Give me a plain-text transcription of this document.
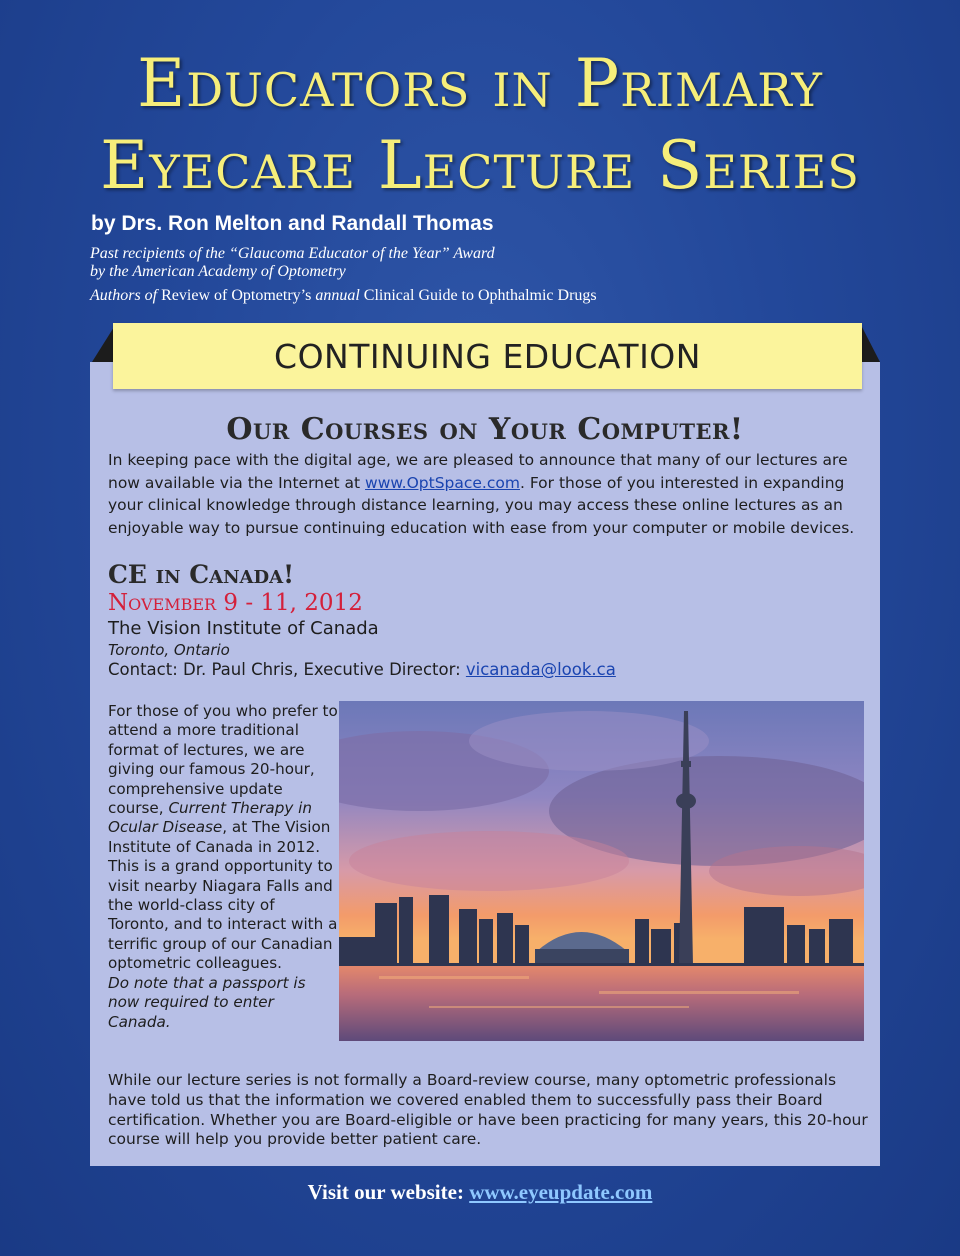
Educators in Primary
Eyecare Lecture Series

by Drs. Ron Melton and Randall Thomas

Past recipients of the “Glaucoma Educator of the Year” Award
by the American Academy of Optometry

Authors of Review of Optometry’s annual Clinical Guide to Ophthalmic Drugs

CONTINUING EDUCATION
Our Courses on Your Computer!

In keeping pace with the digital age, we are pleased to announce that many of our lectures are now available via the Internet at www.OptSpace.com. For those of you interested in expanding your clinical knowledge through distance learning, you may access these online lectures as an enjoyable way to pursue continuing education with ease from your computer or mobile devices.

CE in Canada!

November 9 - 11, 2012

The Vision Institute of Canada

Toronto, Ontario

Contact: Dr. Paul Chris, Executive Director: vicanada@look.ca

For those of you who prefer to attend a more traditional format of lectures, we are giving our famous 20-hour, comprehensive update course, Current Therapy in Ocular Disease, at The Vision Institute of Canada in 2012. This is a grand opportunity to visit nearby Niagara Falls and the world-class city of Toronto, and to interact with a terrific group of our Canadian optometric colleagues.
Do note that a passport is now required to enter Canada.

While our lecture series is not formally a Board-review course, many optometric professionals have told us that the information we covered enabled them to successfully pass their Board certification. Whether you are Board-eligible or have been practicing for many years, this 20-hour course will help you provide better patient care.

Visit our website: www.eyeupdate.com
